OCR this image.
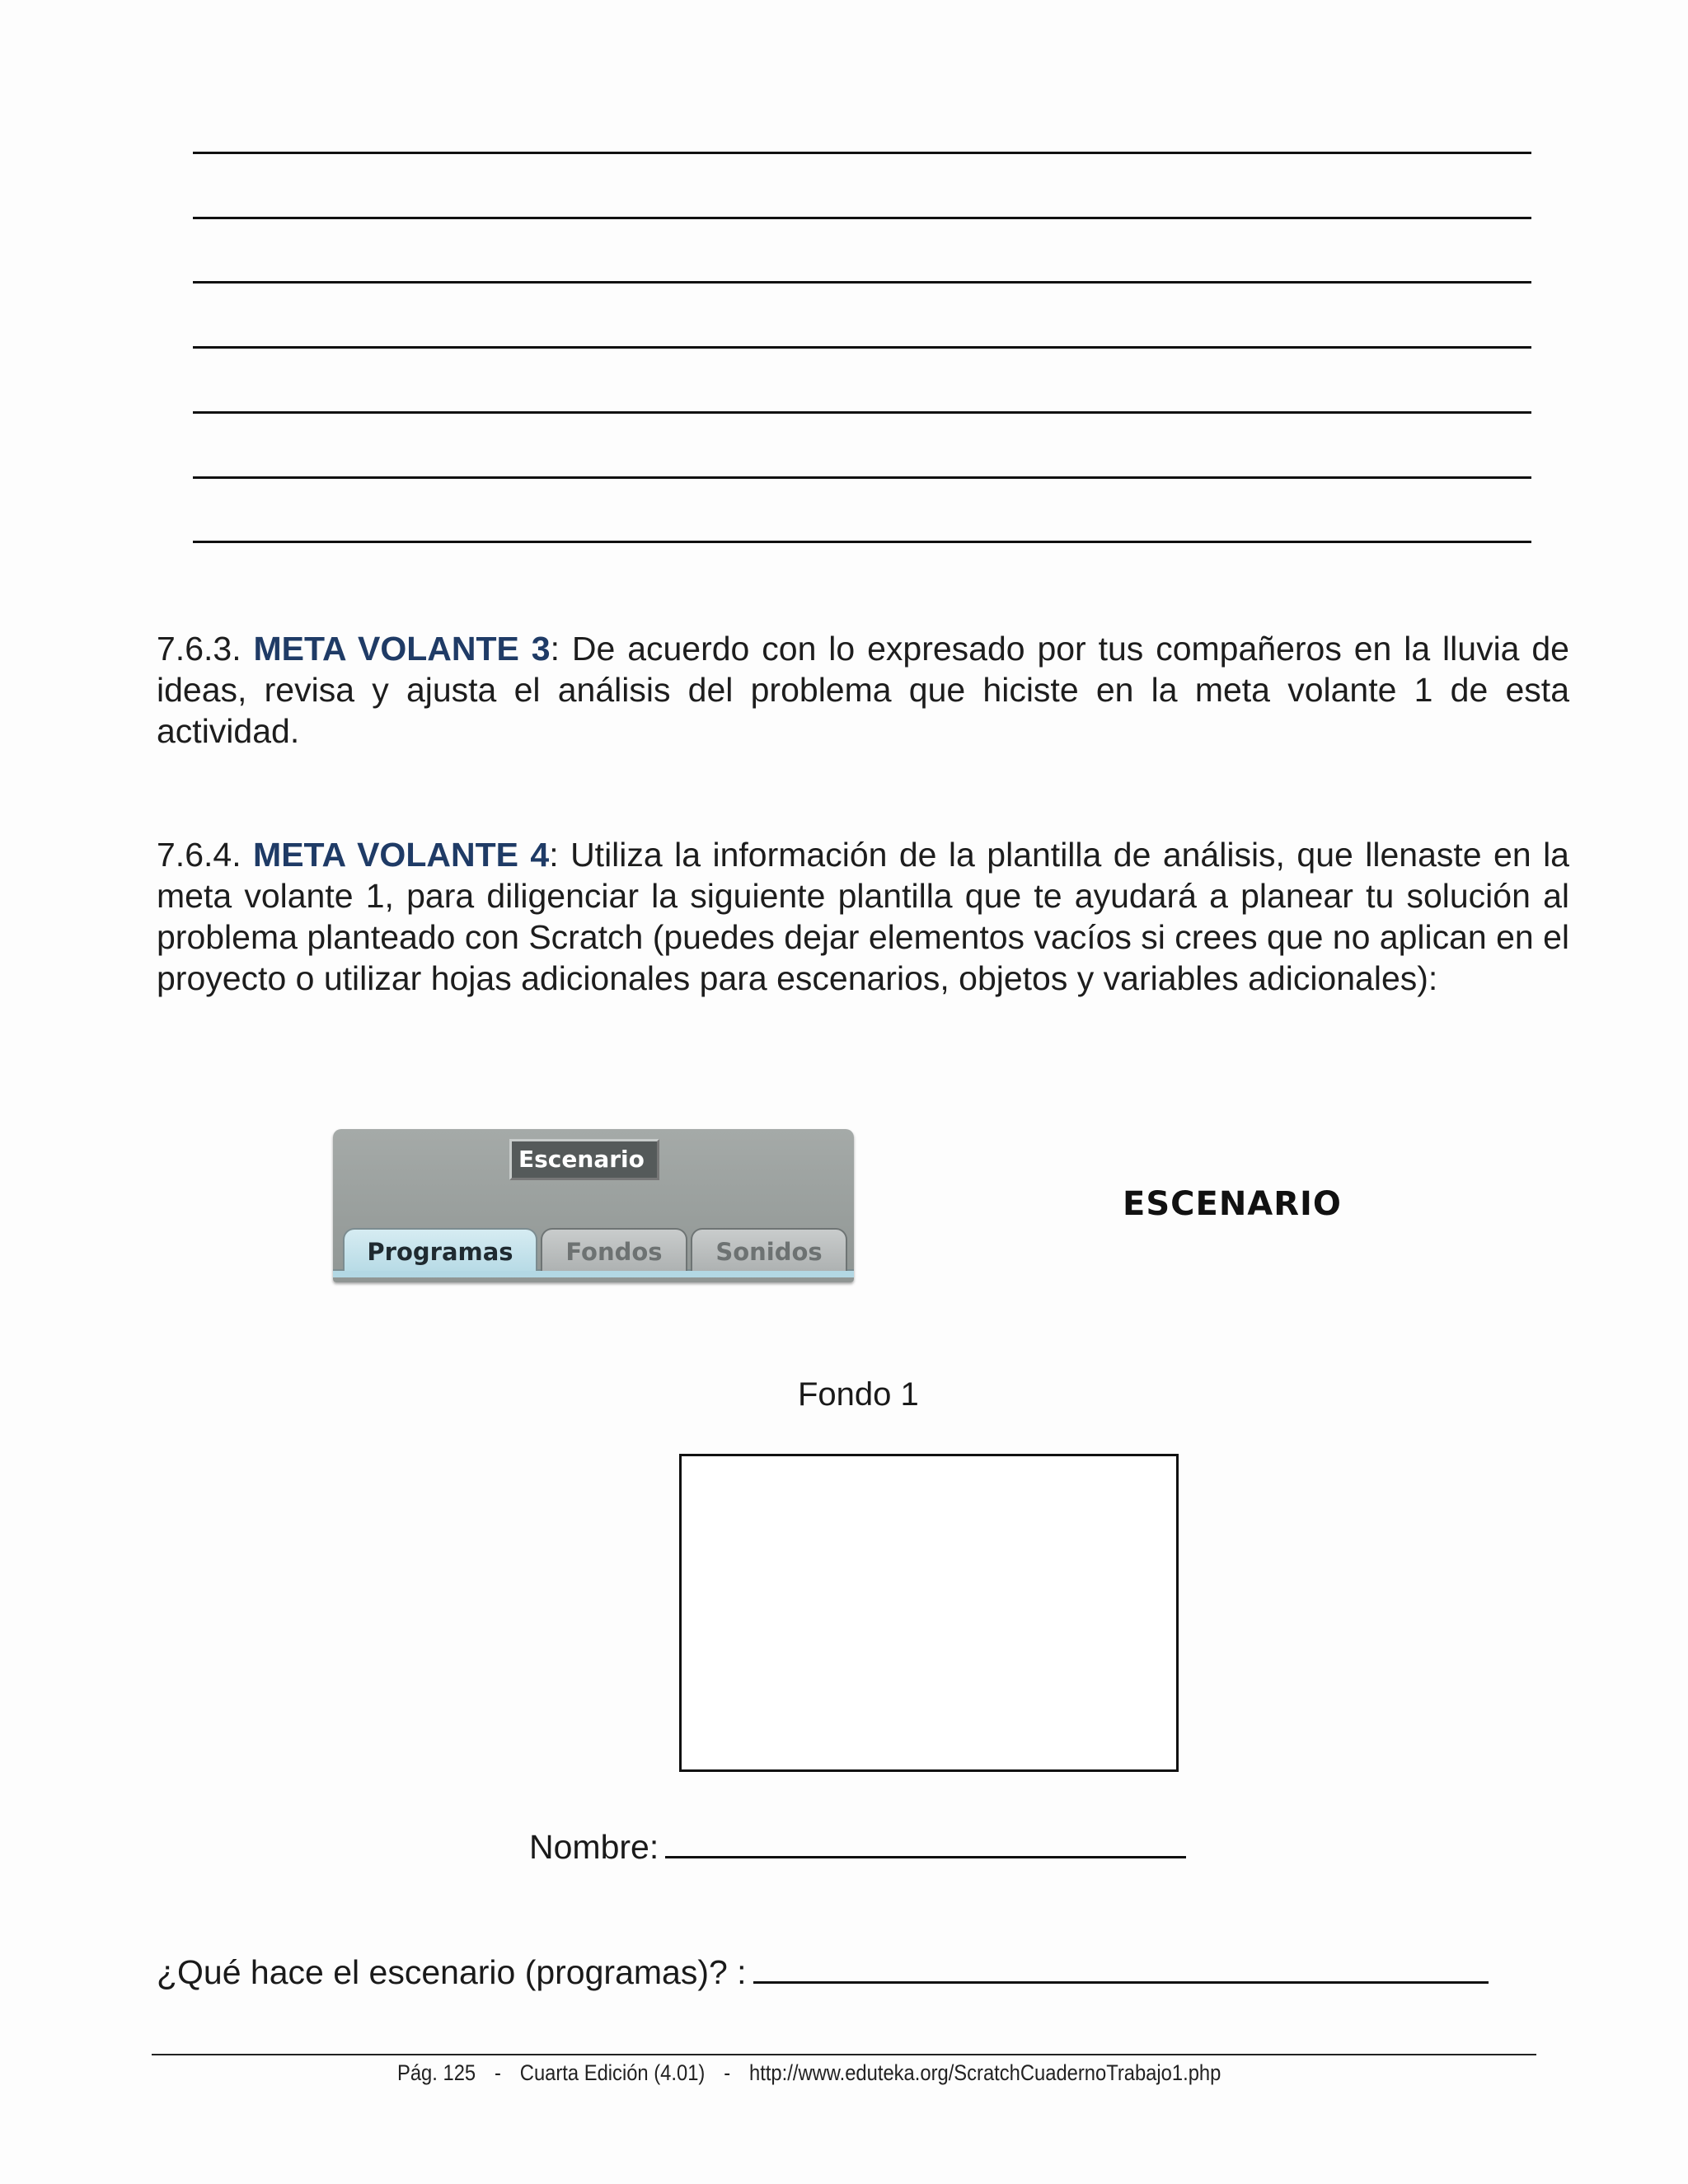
7.6.3. META VOLANTE 3: De acuerdo con lo expresado por tus compañeros en la lluvia de ideas, revisa y ajusta el análisis del problema que hiciste en la meta volante 1 de esta actividad.
7.6.4. META VOLANTE 4: Utiliza la información de la plantilla de análisis, que llenaste en la meta volante 1, para diligenciar la siguiente plantilla que te ayudará a planear tu solución al problema planteado con Scratch (puedes dejar elementos vacíos si crees que no aplican en el proyecto o utilizar hojas adicionales para escenarios, objetos y variables adicionales):
Escenario
Sonidos
Fondos
Programas
ESCENARIO
Fondo 1
Nombre:
¿Qué hace el escenario (programas)? :
Pág. 125 - Cuarta Edición (4.01) - http://www.eduteka.org/ScratchCuadernoTrabajo1.php
